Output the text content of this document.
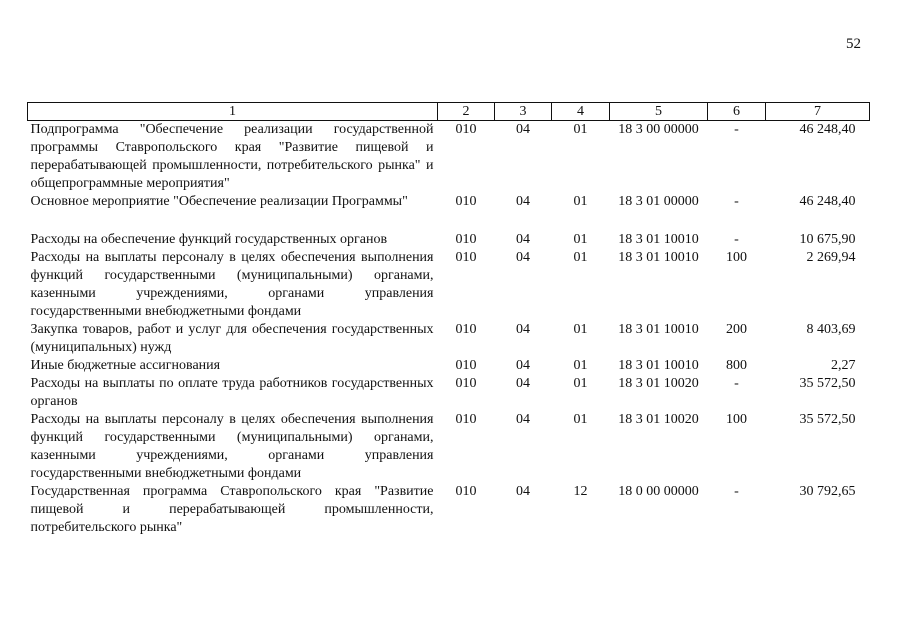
52
1	2	3	4	5	6	7
Подпрограмма "Обеспечение реализации государственной программы Ставропольского края "Развитие пищевой и перерабатывающей промышленности, потребительского рынка" и общепрограммные мероприятия"	010	04	01	18 3 00 00000	-	46 248,40
Основное мероприятие "Обеспечение реализации Программы"	010	04	01	18 3 01 00000	-	46 248,40
Расходы на обеспечение функций государственных органов	010	04	01	18 3 01 10010	-	10 675,90
Расходы на выплаты персоналу в целях обеспечения выполнения функций государственными (муниципальными) органами, казенными учреждениями, органами управления государственными внебюджетными фондами	010	04	01	18 3 01 10010	100	2 269,94
Закупка товаров, работ и услуг для обеспечения государственных (муниципальных) нужд	010	04	01	18 3 01 10010	200	8 403,69
Иные бюджетные ассигнования	010	04	01	18 3 01 10010	800	2,27
Расходы на выплаты по оплате труда работников государственных органов	010	04	01	18 3 01 10020	-	35 572,50
Расходы на выплаты персоналу в целях обеспечения выполнения функций государственными (муниципальными) органами, казенными учреждениями, органами управления государственными внебюджетными фондами	010	04	01	18 3 01 10020	100	35 572,50
Государственная программа Ставропольского края "Развитие пищевой и перерабатывающей промышленности, потребительского рынка"	010	04	12	18 0 00 00000	-	30 792,65
